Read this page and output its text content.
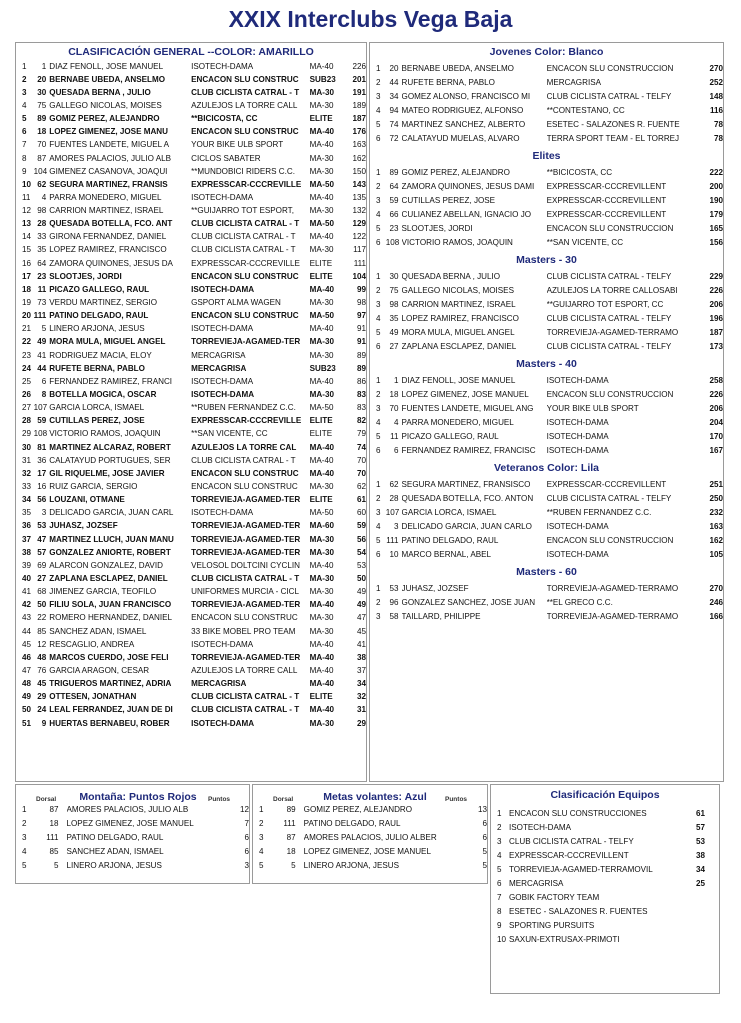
XXIX Interclubs Vega Baja
CLASIFICACIÓN GENERAL --COLOR: AMARILLO
1	1 DIAZ FENOLL, JOSE MANUEL	ISOTECH-DAMA	MA-40	226
2	20 BERNABE UBEDA, ANSELMO	ENCACON SLU CONSTRUC	SUB23	201
3	30 QUESADA BERNA , JULIO	CLUB CICLISTA CATRAL - T	MA-30	191
4	75 GALLEGO NICOLAS, MOISES	AZULEJOS LA TORRE CALL	MA-30	189
5	89 GOMIZ PEREZ, ALEJANDRO	**BICICOSTA, CC	ELITE	187
6	18 LOPEZ GIMENEZ, JOSE MANU	ENCACON SLU CONSTRUC	MA-40	176
7	70 FUENTES LANDETE, MIGUEL A	YOUR BIKE ULB SPORT	MA-40	163
8	87 AMORES PALACIOS, JULIO ALB	CICLOS SABATER	MA-30	162
9 104 GIMENEZ CASANOVA, JOAQUI	**MUNDOBICI RIDERS C.C.	MA-30	150
10 62 SEGURA MARTINEZ, FRANSIS	EXPRESSCAR-CCCREVILLE	MA-50	143
11	4 PARRA MONEDERO, MIGUEL	ISOTECH-DAMA	MA-40	135
12 98 CARRION MARTINEZ, ISRAEL	**GUIJARRO TOT ESPORT,	MA-30	132
13 28 QUESADA BOTELLA, FCO. ANT	CLUB CICLISTA CATRAL - T	MA-50	129
14 33 GIRONA FERNANDEZ, DANIEL	CLUB CICLISTA CATRAL - T	MA-40	122
15 35 LOPEZ RAMIREZ, FRANCISCO	CLUB CICLISTA CATRAL - T	MA-30	117
16 64 ZAMORA QUIÑONES, JESUS DA	EXPRESSCAR-CCCREVILLE	ELITE	111
17 23 SLOOTJES, JORDI	ENCACON SLU CONSTRUC	ELITE	104
18 11 PICAZO GALLEGO, RAUL	ISOTECH-DAMA	MA-40	99
19 73 VERDU MARTINEZ, SERGIO	GSPORT ALMA WAGEN	MA-30	98
20 111 PATIÑO DELGADO, RAUL	ENCACON SLU CONSTRUC	MA-50	97
21	5 LINERO ARJONA, JESUS	ISOTECH-DAMA	MA-40	91
22 49 MORA MULA, MIGUEL ANGEL	TORREVIEJA-AGAMED-TER	MA-30	91
23 41 RODRIGUEZ MACIA, ELOY	MERCAGRISA	MA-30	89
24 44 RUFETE BERNA, PABLO	MERCAGRISA	SUB23	89
25	6 FERNANDEZ RAMIREZ, FRANCI	ISOTECH-DAMA	MA-40	86
26	8 BOTELLA MOGICA, OSCAR	ISOTECH-DAMA	MA-30	83
27 107 GARCIA LORCA, ISMAEL	**RUBEN FERNANDEZ C.C.	MA-50	83
28 59 CUTILLAS PEREZ, JOSE	EXPRESSCAR-CCCREVILLE	ELITE	82
29 108 VICTORIO RAMOS, JOAQUIN	**SAN VICENTE, CC	ELITE	79
30 81 MARTINEZ ALCARAZ, ROBERT	AZULEJOS LA TORRE CAL	MA-40	74
31 36 CALATAYUD PORTUGUES, SER	CLUB CICLISTA CATRAL - T	MA-40	70
32 17 GIL RIQUELME, JOSE JAVIER	ENCACON SLU CONSTRUC	MA-40	70
33 16 RUIZ GARCIA, SERGIO	ENCACON SLU CONSTRUC	MA-30	62
34 56 LOUZANI, OTMANE	TORREVIEJA-AGAMED-TER	ELITE	61
35	3 DELICADO GARCIA, JUAN CARL	ISOTECH-DAMA	MA-50	60
36 53 JUHASZ, JOZSEF	TORREVIEJA-AGAMED-TER	MA-60	59
37 47 MARTINEZ LLUCH, JUAN MANU	TORREVIEJA-AGAMED-TER	MA-30	56
38 57 GONZALEZ ANIORTE, ROBERT	TORREVIEJA-AGAMED-TER	MA-30	54
39 69 ALARCON GONZALEZ, DAVID	VELOSOL DOLTCINI CYCLIN	MA-40	53
40 27 ZAPLANA ESCLAPEZ, DANIEL	CLUB CICLISTA CATRAL - T	MA-30	50
41 68 JIMENEZ GARCIA, TEOFILO	UNIFORMES MURCIA - CICL	MA-30	49
42 50 FILIU SOLA, JUAN FRANCISCO	TORREVIEJA-AGAMED-TER	MA-40	49
43 22 ROMERO HERNANDEZ, DANIEL	ENCACON SLU CONSTRUC	MA-30	47
44 85 SANCHEZ ADAN, ISMAEL	33 BIKE MOBEL PRO TEAM	MA-30	45
45 12 RESCAGLIO, ANDREA	ISOTECH-DAMA	MA-40	41
46 48 MARCOS CUERDO, JOSE FELI	TORREVIEJA-AGAMED-TER	MA-40	38
47 76 GARCIA ARAGON, CESAR	AZULEJOS LA TORRE CALL	MA-40	37
48 45 TRIGUEROS MARTINEZ, ADRIA	MERCAGRISA	MA-40	34
49 29 OTTESEN, JONATHAN	CLUB CICLISTA CATRAL - T	ELITE	32
50 24 LEAL FERRANDEZ, JUAN DE DI	CLUB CICLISTA CATRAL - T	MA-40	31
51	9 HUERTAS BERNABEU, ROBER	ISOTECH-DAMA	MA-30	29
Jovenes Color: Blanco
1	20 BERNABE UBEDA, ANSELMO	ENCACON SLU CONSTRUCCION	270
2	44 RUFETE BERNA, PABLO	MERCAGRISA	252
3	34 GOMEZ ALONSO, FRANCISCO MI	CLUB CICLISTA CATRAL - TELFY	148
4	94 MATEO RODRIGUEZ, ALFONSO	**CONTESTANO, CC	116
5	74 MARTINEZ SANCHEZ, ALBERTO	ESETEC - SALAZONES R. FUENTE	78
6	72 CALATAYUD MUELAS, ALVARO	TERRA SPORT TEAM - EL TORREJ	78
Elites
1	89 GOMIZ PEREZ, ALEJANDRO	**BICICOSTA, CC	222
2	64 ZAMORA QUIÑONES, JESUS DAMI	EXPRESSCAR-CCCREVILLENT	200
3	59 CUTILLAS PEREZ, JOSE	EXPRESSCAR-CCCREVILLENT	190
4	66 CULIAÑEZ ABELLAN, IGNACIO JO	EXPRESSCAR-CCCREVILLENT	179
5	23 SLOOTJES, JORDI	ENCACON SLU CONSTRUCCION	165
6 108 VICTORIO RAMOS, JOAQUIN	**SAN VICENTE, CC	156
Masters - 30
1	30 QUESADA BERNA , JULIO	CLUB CICLISTA CATRAL - TELFY	229
2	75 GALLEGO NICOLAS, MOISES	AZULEJOS LA TORRE CALLOSABI	226
3	98 CARRION MARTINEZ, ISRAEL	**GUIJARRO TOT ESPORT, CC	206
4	35 LOPEZ RAMIREZ, FRANCISCO	CLUB CICLISTA CATRAL - TELFY	196
5	49 MORA MULA, MIGUEL ANGEL	TORREVIEJA-AGAMED-TERRAMO	187
6	27 ZAPLANA ESCLAPEZ, DANIEL	CLUB CICLISTA CATRAL - TELFY	173
Masters - 40
1	1 DIAZ FENOLL, JOSE MANUEL	ISOTECH-DAMA	258
2	18 LOPEZ GIMENEZ, JOSE MANUEL	ENCACON SLU CONSTRUCCION	226
3	70 FUENTES LANDETE, MIGUEL ANG	YOUR BIKE ULB SPORT	206
4	4 PARRA MONEDERO, MIGUEL	ISOTECH-DAMA	204
5	11 PICAZO GALLEGO, RAUL	ISOTECH-DAMA	170
6	6 FERNANDEZ RAMIREZ, FRANCISC	ISOTECH-DAMA	167
Veteranos Color: Lila
1	62 SEGURA MARTINEZ, FRANSISCO	EXPRESSCAR-CCCREVILLENT	251
2	28 QUESADA BOTELLA, FCO. ANTON	CLUB CICLISTA CATRAL - TELFY	250
3 107 GARCIA LORCA, ISMAEL	**RUBEN FERNANDEZ C.C.	232
4	3 DELICADO GARCIA, JUAN CARLO	ISOTECH-DAMA	163
5 111 PATIÑO DELGADO, RAUL	ENCACON SLU CONSTRUCCION	162
6	10 MARCO BERNAL, ABEL	ISOTECH-DAMA	105
Masters - 60
1	53 JUHASZ, JOZSEF	TORREVIEJA-AGAMED-TERRAMO	270
2	96 GONZALEZ SANCHEZ, JOSE JUAN	**EL GRECO C.C.	246
3	58 TAILLARD, PHILIPPE	TORREVIEJA-AGAMED-TERRAMO	166
Dorsal	Montaña: Puntos Rojos	Puntos
1	87 AMORES PALACIOS, JULIO ALB	12
2	18 LOPEZ GIMENEZ, JOSE MANUEL	7
3	111 PATIÑO DELGADO, RAUL	6
4	85 SANCHEZ ADAN, ISMAEL	6
5	5 LINERO ARJONA, JESUS	3
Dorsal	Metas volantes: Azul	Puntos
1	89 GOMIZ PEREZ, ALEJANDRO	13
2	111 PATIÑO DELGADO, RAUL	6
3	87 AMORES PALACIOS, JULIO ALBER	6
4	18 LOPEZ GIMENEZ, JOSE MANUEL	5
5	5 LINERO ARJONA, JESUS	5
Clasificación Equipos
1 ENCACON SLU CONSTRUCCIONES	61
2 ISOTECH-DAMA	57
3 CLUB CICLISTA CATRAL - TELFY	53
4 EXPRESSCAR-CCCREVILLENT	38
5 TORREVIEJA-AGAMED-TERRAMOVIL	34
6 MERCAGRISA	25
7 GOBIK FACTORY TEAM
8 ESETEC - SALAZONES R. FUENTES
9 SPORTING PURSUITS
10 SAXUN-EXTRUSAX-PRIMOTI
